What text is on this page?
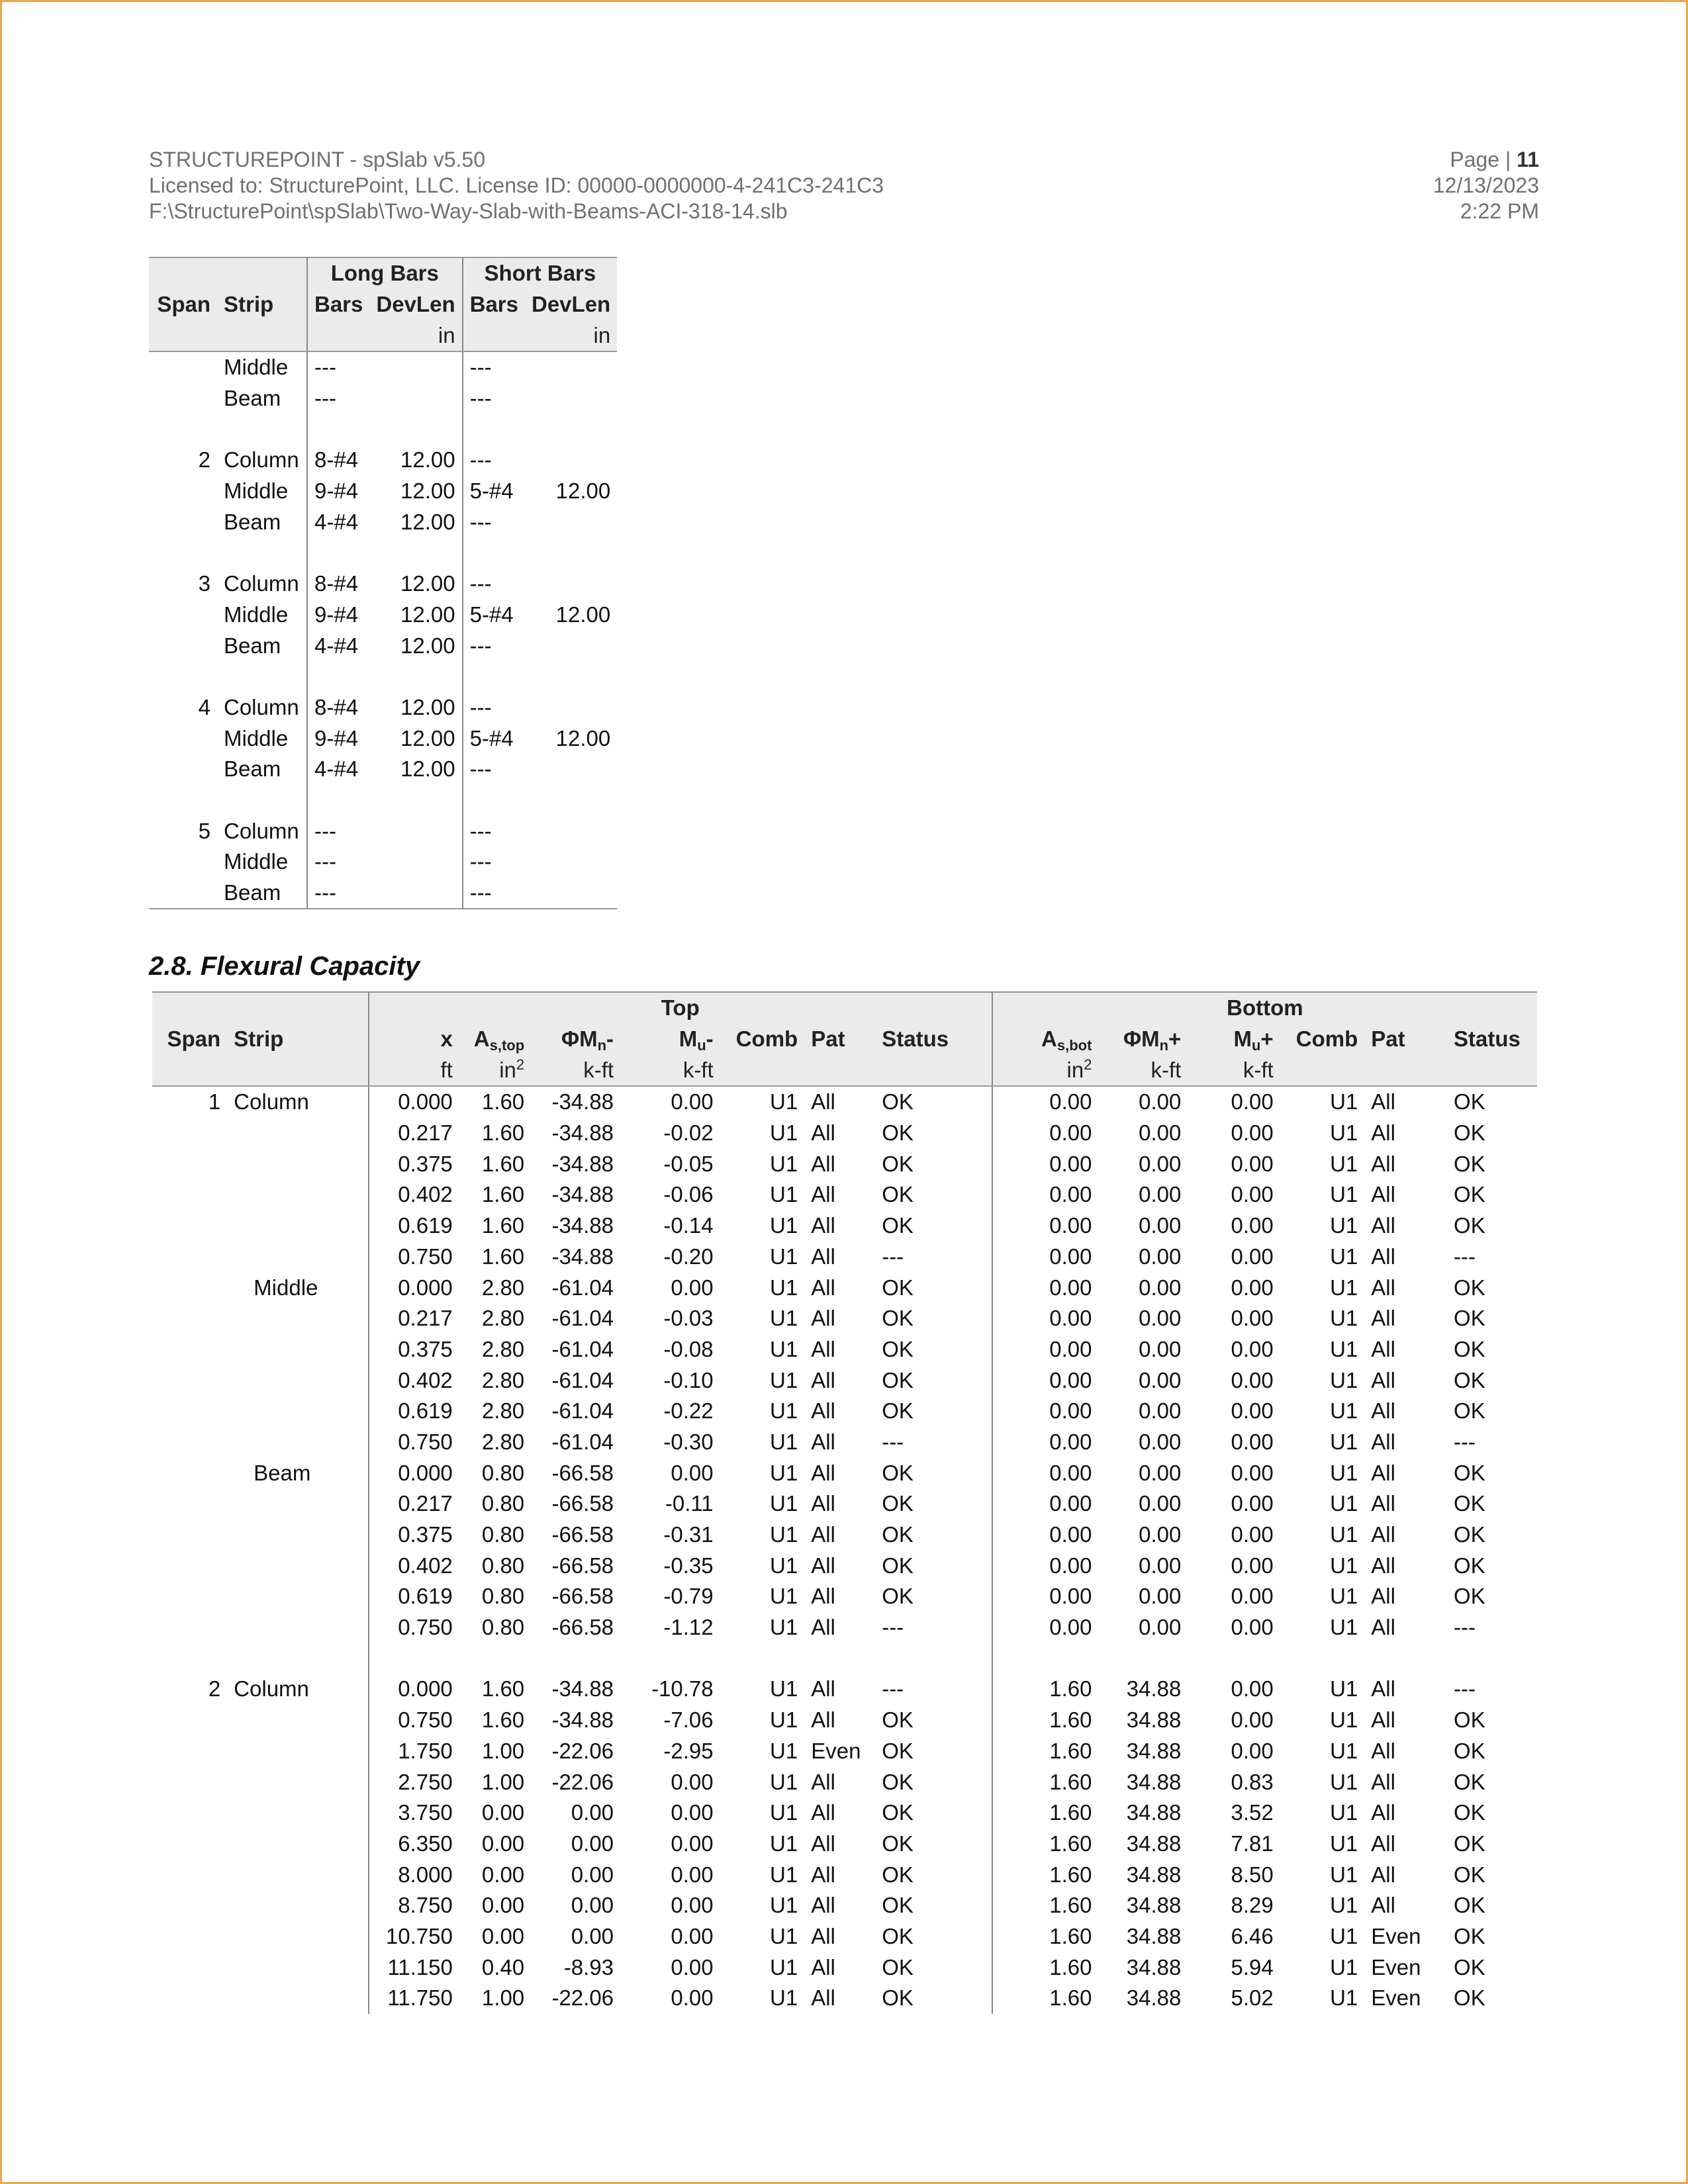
STRUCTUREPOINT - spSlab v5.50
Licensed to: StructurePoint, LLC. License ID: 00000-0000000-4-241C3-241C3
F:\StructurePoint\spSlab\Two-Way-Slab-with-Beams-ACI-318-14.slb
Page | 11
12/13/2023
2:22 PM
		Long Bars		Short Bars	
Span	Strip	Bars	DevLen	Bars	DevLen
			in		in
	Middle	---		---	
	Beam	---		---	

2	Column	8-#4	12.00	---	
	Middle	9-#4	12.00	5-#4	12.00
	Beam	4-#4	12.00	---	

3	Column	8-#4	12.00	---	
	Middle	9-#4	12.00	5-#4	12.00
	Beam	4-#4	12.00	---	

4	Column	8-#4	12.00	---	
	Middle	9-#4	12.00	5-#4	12.00
	Beam	4-#4	12.00	---	

5	Column	---		---	
	Middle	---		---	
	Beam	---		---	
2.8. Flexural Capacity
		Top							Bottom					
Span	Strip	x	$A_{s,top}$	$\Phi M_n-$	$M_u-$	Comb	Pat	Status	$A_{s,bot}$	$\Phi M_n+$	$M_u+$	Comb	Pat	Status
		ft	$in^2$	k-ft	k-ft				$in^2$	k-ft	k-ft			
1	Column	0.000	1.60	-34.88	0.00	U1	All	OK	0.00	0.00	0.00	U1	All	OK
		0.217	1.60	-34.88	-0.02	U1	All	OK	0.00	0.00	0.00	U1	All	OK
		0.375	1.60	-34.88	-0.05	U1	All	OK	0.00	0.00	0.00	U1	All	OK
		0.402	1.60	-34.88	-0.06	U1	All	OK	0.00	0.00	0.00	U1	All	OK
		0.619	1.60	-34.88	-0.14	U1	All	OK	0.00	0.00	0.00	U1	All	OK
		0.750	1.60	-34.88	-0.20	U1	All	---	0.00	0.00	0.00	U1	All	---
	Middle	0.000	2.80	-61.04	0.00	U1	All	OK	0.00	0.00	0.00	U1	All	OK
		0.217	2.80	-61.04	-0.03	U1	All	OK	0.00	0.00	0.00	U1	All	OK
		0.375	2.80	-61.04	-0.08	U1	All	OK	0.00	0.00	0.00	U1	All	OK
		0.402	2.80	-61.04	-0.10	U1	All	OK	0.00	0.00	0.00	U1	All	OK
		0.619	2.80	-61.04	-0.22	U1	All	OK	0.00	0.00	0.00	U1	All	OK
		0.750	2.80	-61.04	-0.30	U1	All	---	0.00	0.00	0.00	U1	All	---
	Beam	0.000	0.80	-66.58	0.00	U1	All	OK	0.00	0.00	0.00	U1	All	OK
		0.217	0.80	-66.58	-0.11	U1	All	OK	0.00	0.00	0.00	U1	All	OK
		0.375	0.80	-66.58	-0.31	U1	All	OK	0.00	0.00	0.00	U1	All	OK
		0.402	0.80	-66.58	-0.35	U1	All	OK	0.00	0.00	0.00	U1	All	OK
		0.619	0.80	-66.58	-0.79	U1	All	OK	0.00	0.00	0.00	U1	All	OK
		0.750	0.80	-66.58	-1.12	U1	All	---	0.00	0.00	0.00	U1	All	---

2	Column	0.000	1.60	-34.88	-10.78	U1	All	---	1.60	34.88	0.00	U1	All	---
		0.750	1.60	-34.88	-7.06	U1	All	OK	1.60	34.88	0.00	U1	All	OK
		1.750	1.00	-22.06	-2.95	U1	Even	OK	1.60	34.88	0.00	U1	All	OK
		2.750	1.00	-22.06	0.00	U1	All	OK	1.60	34.88	0.83	U1	All	OK
		3.750	0.00	0.00	0.00	U1	All	OK	1.60	34.88	3.52	U1	All	OK
		6.350	0.00	0.00	0.00	U1	All	OK	1.60	34.88	7.81	U1	All	OK
		8.000	0.00	0.00	0.00	U1	All	OK	1.60	34.88	8.50	U1	All	OK
		8.750	0.00	0.00	0.00	U1	All	OK	1.60	34.88	8.29	U1	All	OK
		10.750	0.00	0.00	0.00	U1	All	OK	1.60	34.88	6.46	U1	Even	OK
		11.150	0.40	-8.93	0.00	U1	All	OK	1.60	34.88	5.94	U1	Even	OK
		11.750	1.00	-22.06	0.00	U1	All	OK	1.60	34.88	5.02	U1	Even	OK
